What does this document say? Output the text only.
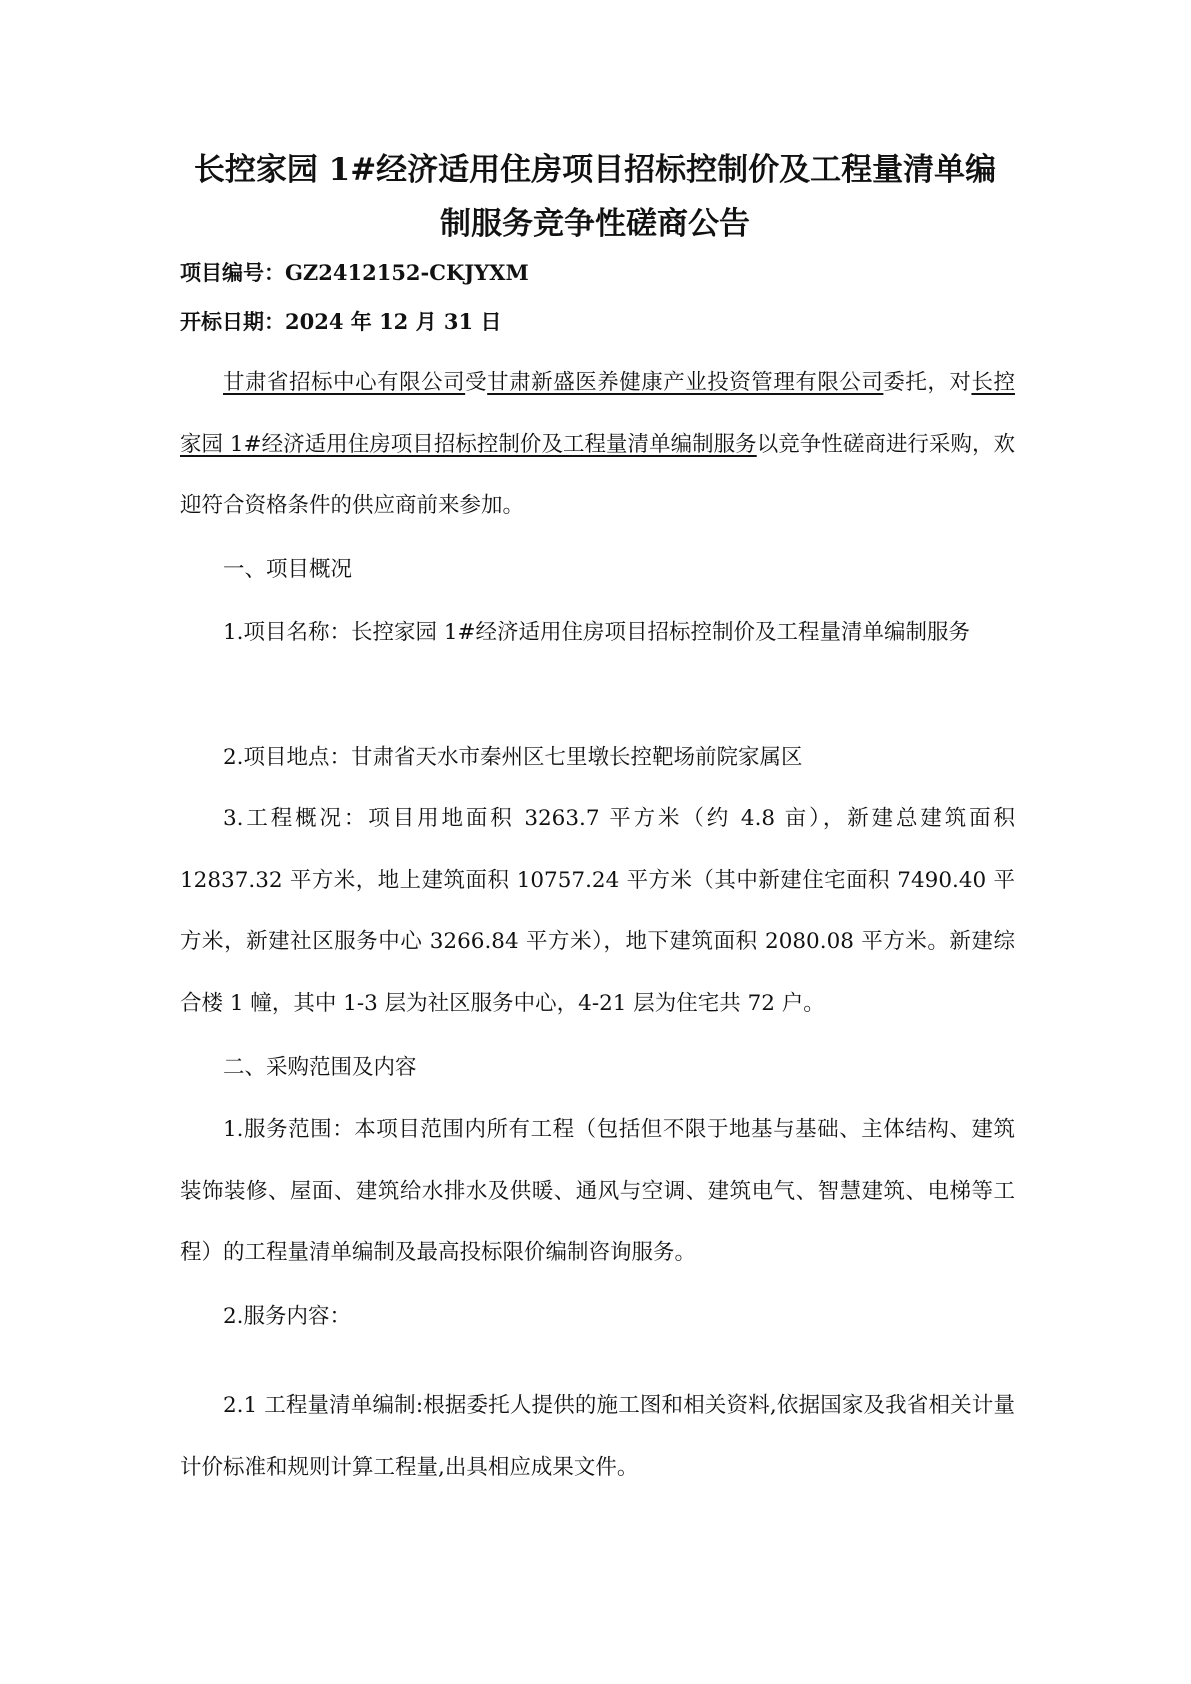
长控家园 1#经济适用住房项目招标控制价及工程量清单编制服务竞争性磋商公告
项目编号：GZ2412152-CKJYXM
开标日期：2024 年 12 月 31 日

甘肃省招标中心有限公司受甘肃新盛医养健康产业投资管理有限公司委托，对长控家园 1#经济适用住房项目招标控制价及工程量清单编制服务以竞争性磋商进行采购，欢迎符合资格条件的供应商前来参加。

一、项目概况

1.项目名称：长控家园 1#经济适用住房项目招标控制价及工程量清单编制服务

2.项目地点：甘肃省天水市秦州区七里墩长控靶场前院家属区

3.工程概况：项目用地面积 3263.7 平方米（约 4.8 亩），新建总建筑面积 12837.32 平方米，地上建筑面积 10757.24 平方米（其中新建住宅面积 7490.40 平方米，新建社区服务中心 3266.84 平方米），地下建筑面积 2080.08 平方米。新建综合楼 1 幢，其中 1-3 层为社区服务中心，4-21 层为住宅共 72 户。

二、采购范围及内容

1.服务范围：本项目范围内所有工程（包括但不限于地基与基础、主体结构、建筑装饰装修、屋面、建筑给水排水及供暖、通风与空调、建筑电气、智慧建筑、电梯等工程）的工程量清单编制及最高投标限价编制咨询服务。

2.服务内容：

2.1 工程量清单编制:根据委托人提供的施工图和相关资料,依据国家及我省相关计量计价标准和规则计算工程量,出具相应成果文件。
